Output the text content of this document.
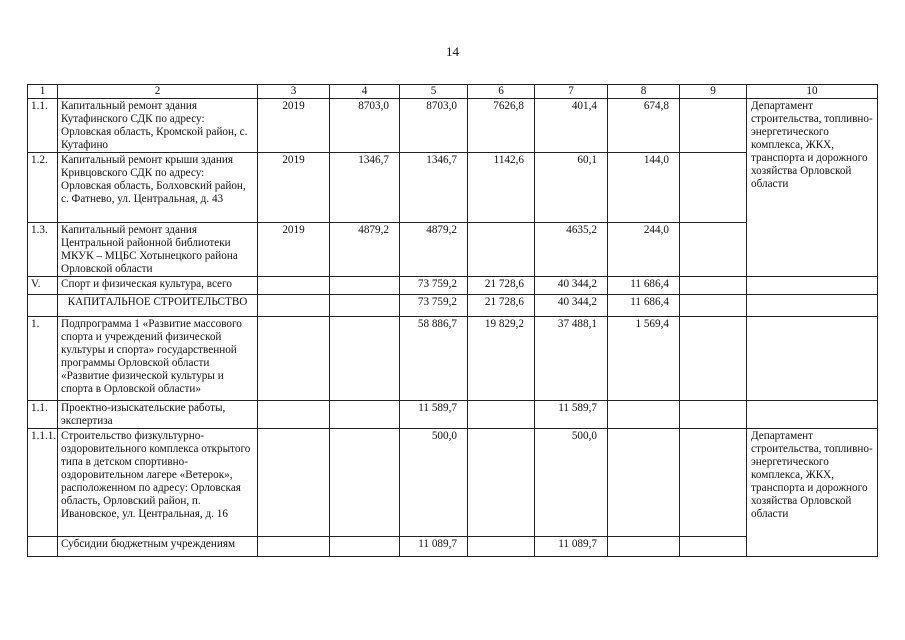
14
1	2	3	4	5	6	7	8	9	10
1.1.	Капитальный ремонт здания Кутафинского СДК по адресу: Орловская область, Кромской район, с. Кутафино	2019	8703,0	8703,0	7626,8	401,4	674,8		Департамент строительства, топливно-энергетического комплекса, ЖКХ, транспорта и дорожного хозяйства Орловской области
1.2.	Капитальный ремонт крыши здания Кривцовского СДК по адресу: Орловская область, Болховский район, с. Фатнево, ул. Центральная, д. 43	2019	1346,7	1346,7	1142,6	60,1	144,0		
1.3.	Капитальный ремонт здания Центральной районной библиотеки МКУК – МЦБС Хотынецкого района Орловской области	2019	4879,2	4879,2		4635,2	244,0		
V.	Спорт и физическая культура, всего			73 759,2	21 728,6	40 344,2	11 686,4		
	КАПИТАЛЬНОЕ СТРОИТЕЛЬСТВО			73 759,2	21 728,6	40 344,2	11 686,4		
1.	Подпрограмма 1 «Развитие массового спорта и учреждений физической культуры и спорта» государственной программы Орловской области «Развитие физической культуры и спорта в Орловской области»			58 886,7	19 829,2	37 488,1	1 569,4		
1.1.	Проектно-изыскательские работы, экспертиза			11 589,7		11 589,7			
1.1.1.	Строительство физкультурно-оздоровительного комплекса открытого типа в детском спортивно-оздоровительном лагере «Ветерок», расположенном по адресу: Орловская область, Орловский район, п. Ивановское, ул. Центральная, д. 16			500,0		500,0			Департамент строительства, топливно-энергетического комплекса, ЖКХ, транспорта и дорожного хозяйства Орловской области
	Субсидии бюджетным учреждениям			11 089,7		11 089,7			
